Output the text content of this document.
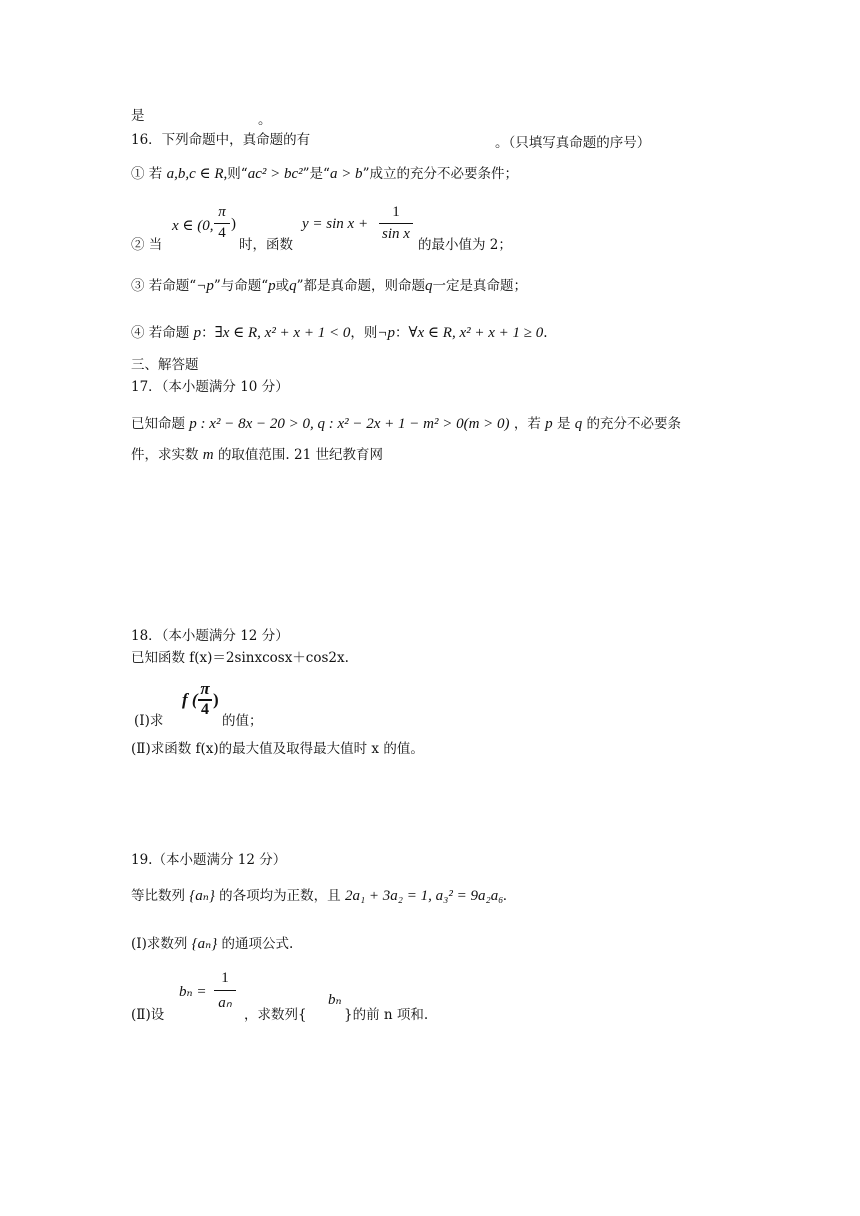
是	。
16．下列命题中，真命题的有	。（只填写真命题的序号）
① 若 a,b,c ∈ R,则“ac² > bc²”是“a > b”成立的充分不必要条件；
② 当
x ∈ (0,
π
4
)
时，函数
y = sin x +
1
sin x
的最小值为 2；
③ 若命题“¬p”与命题“p或q”都是真命题，则命题q一定是真命题；
④ 若命题 p：∃x ∈ R, x² + x + 1 < 0，则¬p：∀x ∈ R, x² + x + 1 ≥ 0.
三、解答题
17．（本小题满分 10 分）
已知命题 p : x² − 8x − 20 > 0, q : x² − 2x + 1 − m² > 0(m > 0) ，若 p 是 q 的充分不必要条
件，求实数 m 的取值范围. 21 世纪教育网
18．（本小题满分 12 分）
已知函数 f(x)＝2sinxcosx＋cos2x.
(Ⅰ)求
f (
π
4
)
的值；
(Ⅱ)求函数 f(x)的最大值及取得最大值时 x 的值。
19.（本小题满分 12 分）
等比数列 {aₙ} 的各项均为正数，且 2a₁ + 3a₂ = 1, a₃² = 9a₂a₆.
(Ⅰ)求数列 {aₙ} 的通项公式.
(Ⅱ)设
bₙ =
1
aₙ
，求数列{
bₙ
}的前 n 项和.
